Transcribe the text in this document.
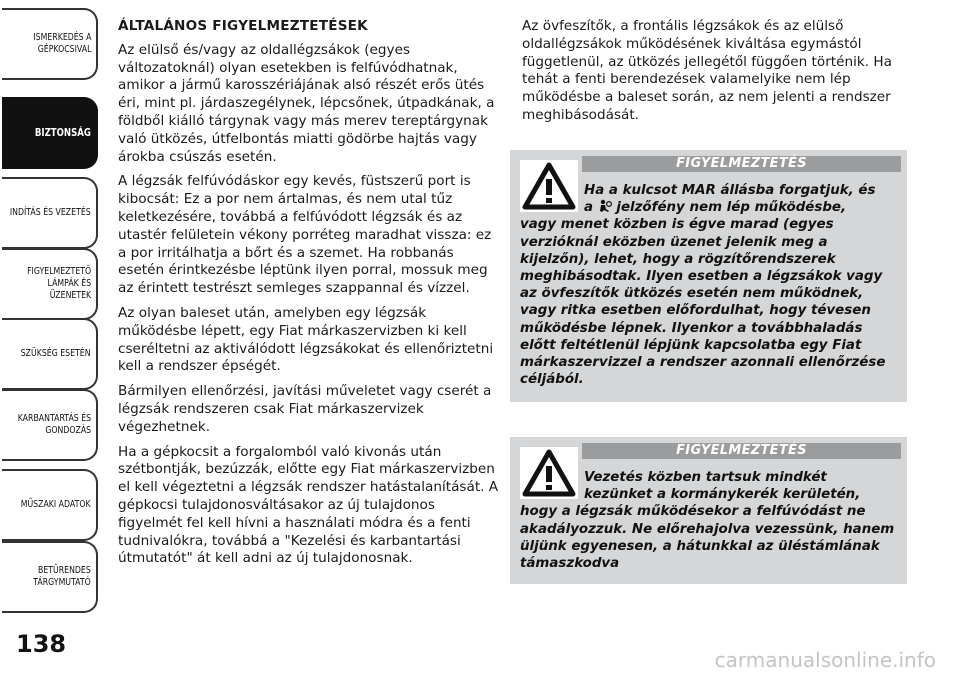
ISMERKEDÉS A
GÉPKOCSIVAL
BIZTONSÁG
INDÍTÁS ÉS VEZETÉS
FIGYELMEZTETŐ
LÁMPÁK ÉS
ÜZENETEK
SZÜKSÉG ESETÉN
KARBANTARTÁS ÉS
GONDOZÁS
MŰSZAKI ADATOK
BETŰRENDES
TÁRGYMUTATÓ
138
ÁLTALÁNOS FIGYELMEZTETÉSEK

Az elülső és/vagy az oldallégzsákok (egyes változatoknál) olyan esetekben is felfúvódhatnak, amikor a jármű karosszériájának alsó részét erős ütés éri, mint pl. járdaszegélynek, lépcsőnek, útpadkának, a földből kiálló tárgynak vagy más merev tereptárgynak való ütközés, útfelbontás miatti gödörbe hajtás vagy árokba csúszás esetén.

A légzsák felfúvódáskor egy kevés, füstszerű port is kibocsát: Ez a por nem ártalmas, és nem utal tűz keletkezésére, továbbá a felfúvódott légzsák és az utastér felületein vékony porréteg maradhat vissza: ez a por irritálhatja a bőrt és a szemet. Ha robbanás esetén érintkezésbe léptünk ilyen porral, mossuk meg az érintett testrészt semleges szappannal és vízzel.

Az olyan baleset után, amelyben egy légzsák működésbe lépett, egy Fiat márkaszervizben ki kell cseréltetni az aktiválódott légzsákokat és ellenőriztetni kell a rendszer épségét.

Bármilyen ellenőrzési, javítási műveletet vagy cserét a légzsák rendszeren csak Fiat márkaszervizek végezhetnek.

Ha a gépkocsit a forgalomból való kivonás után szétbontják, bezúzzák, előtte egy Fiat márkaszervizben el kell végeztetni a légzsák rendszer hatástalanítását. A gépkocsi tulajdonosváltásakor az új tulajdonos figyelmét fel kell hívni a használati módra és a fenti tudnivalókra, továbbá a "Kezelési és karbantartási útmutatót" át kell adni az új tulajdonosnak.

Az övfeszítők, a frontális légzsákok és az elülső oldallégzsákok működésének kiváltása egymástól függetlenül, az ütközés jellegétől függően történik. Ha tehát a fenti berendezések valamelyike nem lép működésbe a baleset során, az nem jelenti a rendszer meghibásodását.

FIGYELMEZTETÉS
Ha a kulcsot MAR állásba forgatjuk, és
a  jelzőfény nem lép működésbe,
vagy menet közben is égve marad (egyes verzióknál eközben üzenet jelenik meg a kijelzőn), lehet, hogy a rögzítőrendszerek meghibásodtak. Ilyen esetben a légzsákok vagy az övfeszítők ütközés esetén nem működnek, vagy ritka esetben előfordulhat, hogy tévesen működésbe lépnek. Ilyenkor a továbbhaladás előtt feltétlenül lépjünk kapcsolatba egy Fiat márkaszervizzel a rendszer azonnali ellenőrzése céljából.
FIGYELMEZTETÉS
Vezetés közben tartsuk mindkét
kezünket a kormánykerék kerületén,
hogy a légzsák működésekor a felfúvódást ne akadályozzuk. Ne előrehajolva vezessünk, hanem üljünk egyenesen, a hátunkkal az üléstámlának támaszkodva
carmanualsonline.info
